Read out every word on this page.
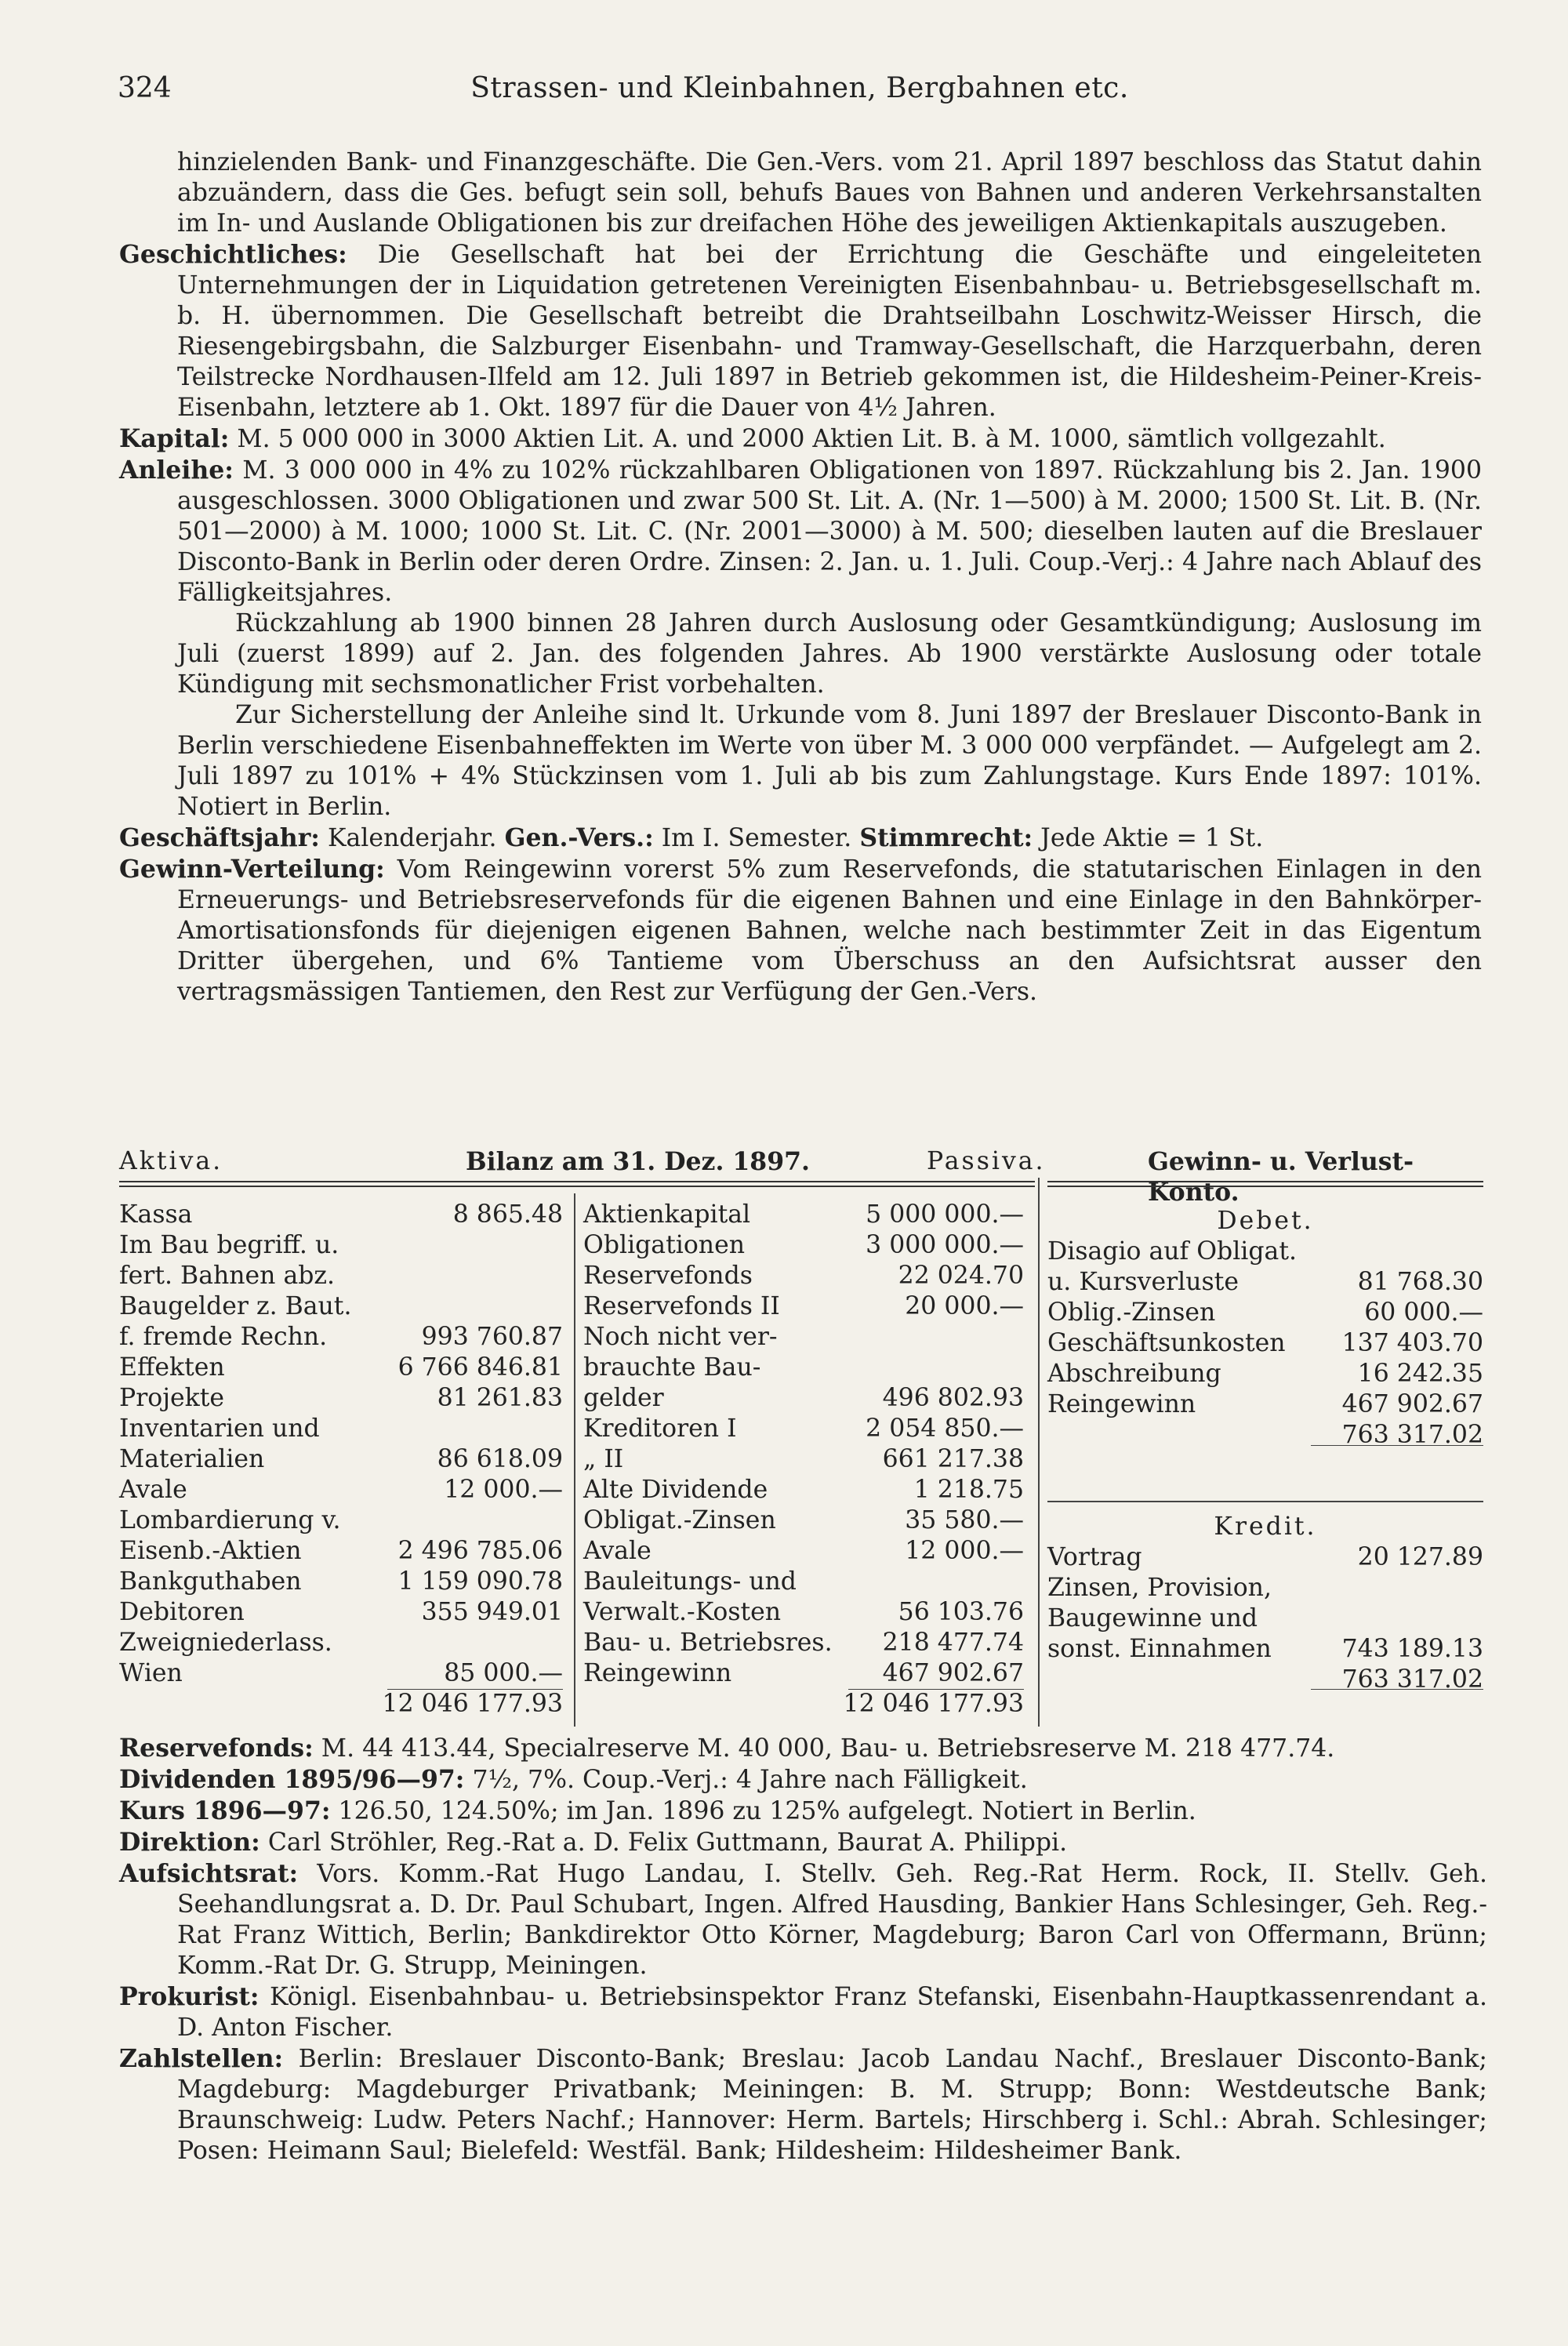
324	Strassen- und Kleinbahnen, Bergbahnen etc.

hinzielenden Bank- und Finanzgeschäfte. Die Gen.-Vers. vom 21. April 1897 beschloss das Statut dahin abzuändern, dass die Ges. befugt sein soll, behufs Baues von Bahnen und anderen Verkehrsanstalten im In- und Auslande Obligationen bis zur dreifachen Höhe des jeweiligen Aktienkapitals auszugeben.

Geschichtliches: Die Gesellschaft hat bei der Errichtung die Geschäfte und eingeleiteten Unternehmungen der in Liquidation getretenen Vereinigten Eisenbahnbau- u. Betriebsgesellschaft m. b. H. übernommen. Die Gesellschaft betreibt die Drahtseilbahn Loschwitz-Weisser Hirsch, die Riesengebirgsbahn, die Salzburger Eisenbahn- und Tramway-Gesellschaft, die Harzquerbahn, deren Teilstrecke Nordhausen-Ilfeld am 12. Juli 1897 in Betrieb gekommen ist, die Hildesheim-Peiner-Kreis-Eisenbahn, letztere ab 1. Okt. 1897 für die Dauer von 4½ Jahren.

Kapital: M. 5 000 000 in 3000 Aktien Lit. A. und 2000 Aktien Lit. B. à M. 1000, sämtlich vollgezahlt.

Anleihe: M. 3 000 000 in 4% zu 102% rückzahlbaren Obligationen von 1897. Rückzahlung bis 2. Jan. 1900 ausgeschlossen. 3000 Obligationen und zwar 500 St. Lit. A. (Nr. 1—500) à M. 2000; 1500 St. Lit. B. (Nr. 501—2000) à M. 1000; 1000 St. Lit. C. (Nr. 2001—3000) à M. 500; dieselben lauten auf die Breslauer Disconto-Bank in Berlin oder deren Ordre. Zinsen: 2. Jan. u. 1. Juli. Coup.-Verj.: 4 Jahre nach Ablauf des Fälligkeitsjahres.

Rückzahlung ab 1900 binnen 28 Jahren durch Auslosung oder Gesamtkündigung; Auslosung im Juli (zuerst 1899) auf 2. Jan. des folgenden Jahres. Ab 1900 verstärkte Auslosung oder totale Kündigung mit sechsmonatlicher Frist vorbehalten.

Zur Sicherstellung der Anleihe sind lt. Urkunde vom 8. Juni 1897 der Breslauer Disconto-Bank in Berlin verschiedene Eisenbahneffekten im Werte von über M. 3 000 000 verpfändet. — Aufgelegt am 2. Juli 1897 zu 101% + 4% Stückzinsen vom 1. Juli ab bis zum Zahlungstage. Kurs Ende 1897: 101%. Notiert in Berlin.

Geschäftsjahr: Kalenderjahr. Gen.-Vers.: Im I. Semester. Stimmrecht: Jede Aktie = 1 St.

Gewinn-Verteilung: Vom Reingewinn vorerst 5% zum Reservefonds, die statutarischen Einlagen in den Erneuerungs- und Betriebsreservefonds für die eigenen Bahnen und eine Einlage in den Bahnkörper-Amortisationsfonds für diejenigen eigenen Bahnen, welche nach bestimmter Zeit in das Eigentum Dritter übergehen, und 6% Tantieme vom Überschuss an den Aufsichtsrat ausser den vertragsmässigen Tantiemen, den Rest zur Verfügung der Gen.-Vers.

Aktiva.	Bilanz am 31. Dez. 1897.	Passiva.	Gewinn- u. Verlust-Konto.
Kassa	8 865.48
Im Bau begriff. u.
fert. Bahnen abz.
Baugelder z. Baut.
f. fremde Rechn.	993 760.87
Effekten	6 766 846.81
Projekte	81 261.83
Inventarien und
Materialien	86 618.09
Avale	12 000.—
Lombardierung v.
Eisenb.-Aktien	2 496 785.06
Bankguthaben	1 159 090.78
Debitoren	355 949.01
Zweigniederlass.
Wien	85 000.—
12 046 177.93
Aktienkapital	5 000 000.—
Obligationen	3 000 000.—
Reservefonds	22 024.70
Reservefonds II	20 000.—
Noch nicht ver-
brauchte Bau-
gelder	496 802.93
Kreditoren I	2 054 850.—
„ II	661 217.38
Alte Dividende	1 218.75
Obligat.-Zinsen	35 580.—
Avale	12 000.—
Bauleitungs- und
Verwalt.-Kosten	56 103.76
Bau- u. Betriebsres. 218 477.74
Reingewinn	467 902.67
12 046 177.93
Debet.
Disagio auf Obligat.
u. Kursverluste	81 768.30
Oblig.-Zinsen	60 000.—
Geschäftsunkosten 137 403.70
Abschreibung	16 242.35
Reingewinn	467 902.67
763 317.02
Kredit.
Vortrag	20 127.89
Zinsen, Provision,
Baugewinne und
sonst. Einnahmen	743 189.13
763 317.02

Reservefonds: M. 44 413.44, Specialreserve M. 40 000, Bau- u. Betriebsreserve M. 218 477.74.

Dividenden 1895/96—97: 7½, 7%. Coup.-Verj.: 4 Jahre nach Fälligkeit.

Kurs 1896—97: 126.50, 124.50%; im Jan. 1896 zu 125% aufgelegt. Notiert in Berlin.

Direktion: Carl Ströhler, Reg.-Rat a. D. Felix Guttmann, Baurat A. Philippi.

Aufsichtsrat: Vors. Komm.-Rat Hugo Landau, I. Stellv. Geh. Reg.-Rat Herm. Rock, II. Stellv. Geh. Seehandlungsrat a. D. Dr. Paul Schubart, Ingen. Alfred Hausding, Bankier Hans Schlesinger, Geh. Reg.-Rat Franz Wittich, Berlin; Bankdirektor Otto Körner, Magdeburg; Baron Carl von Offermann, Brünn; Komm.-Rat Dr. G. Strupp, Meiningen.

Prokurist: Königl. Eisenbahnbau- u. Betriebsinspektor Franz Stefanski, Eisenbahn-Hauptkassenrendant a. D. Anton Fischer.

Zahlstellen: Berlin: Breslauer Disconto-Bank; Breslau: Jacob Landau Nachf., Breslauer Disconto-Bank; Magdeburg: Magdeburger Privatbank; Meiningen: B. M. Strupp; Bonn: Westdeutsche Bank; Braunschweig: Ludw. Peters Nachf.; Hannover: Herm. Bartels; Hirschberg i. Schl.: Abrah. Schlesinger; Posen: Heimann Saul; Bielefeld: Westfäl. Bank; Hildesheim: Hildesheimer Bank.
